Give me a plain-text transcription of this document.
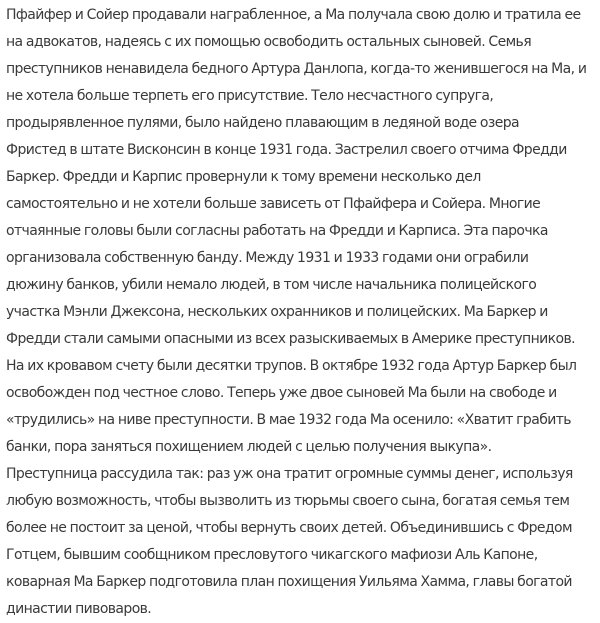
Пфайфер и Сойер продавали награбленное, а Ма получала свою долю и тратила ее
на адвокатов, надеясь с их помощью освободить остальных сыновей. Семья
преступников ненавидела бедного Артура Данлопа, когда-то женившегося на Ма, и
не хотела больше терпеть его присутствие. Тело несчастного супруга,
продырявленное пулями, было найдено плавающим в ледяной воде озера
Фристед в штате Висконсин в конце 1931 года. Застрелил своего отчима Фредди
Баркер. Фредди и Карпис провернули к тому времени несколько дел
самостоятельно и не хотели больше зависеть от Пфайфера и Сойера. Многие
отчаянные головы были согласны работать на Фредди и Карписа. Эта парочка
организовала собственную банду. Между 1931 и 1933 годами они ограбили
дюжину банков, убили немало людей, в том числе начальника полицейского
участка Мэнли Джексона, нескольких охранников и полицейских. Ма Баркер и
Фредди стали самыми опасными из всех разыскиваемых в Америке преступников.
На их кровавом счету были десятки трупов. В октябре 1932 года Артур Баркер был
освобожден под честное слово. Теперь уже двое сыновей Ма были на свободе и
«трудились» на ниве преступности. В мае 1932 года Ма осенило: «Хватит грабить
банки, пора заняться похищением людей с целью получения выкупа».
Преступница рассудила так: раз уж она тратит огромные суммы денег, используя
любую возможность, чтобы вызволить из тюрьмы своего сына, богатая семья тем
более не постоит за ценой, чтобы вернуть своих детей. Объединившись с Фредом
Готцем, бывшим сообщником пресловутого чикагского мафиози Аль Капоне,
коварная Ма Баркер подготовила план похищения Уильяма Хамма, главы богатой
династии пивоваров.
